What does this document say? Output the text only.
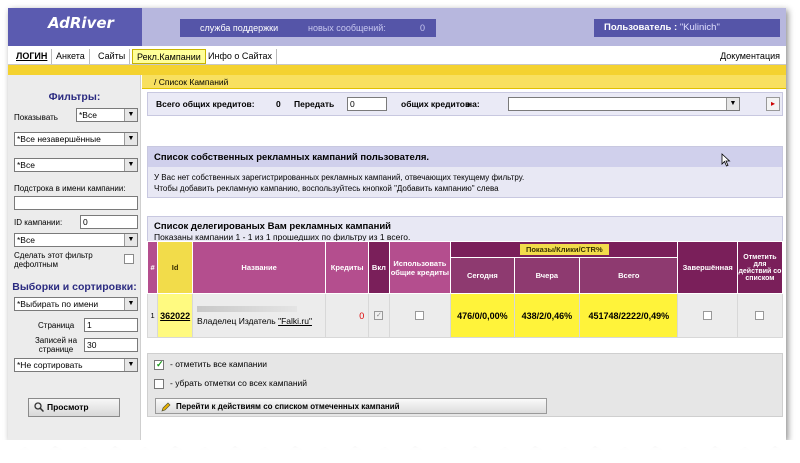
AdRiver	служба поддержки	новых сообщений:	0	Пользователь : "Kulinich"
ЛОГИН Анкета	Сайты	Рекл.Кампании Инфо о Сайтах	Документация
Фильтры:
Показывать	*Все	▼
*Все незавершённые	▼
*Все	▼
Подстрока в имени кампании:
ID кампании:	0
*Все	▼
Сделать этот фильтр дефолтным
Выборки и сортировки:
*Выбирать по имени	▼
Страница	1
Записей на странице	30
*Не сортировать	▼
Просмотр
/ Список Кампаний
Всего общих кредитов:	0 Передать	0	общих кредитов
на:	▼	▸
Список собственных рекламных кампаний пользователя.
У Вас нет собственных зарегистрированных рекламных кампаний, отвечающих текущему фильтру.
Чтобы добавить рекламную кампанию, воспользуйтесь кнопкой "Добавить кампанию" слева
Список делегированых Вам рекламных кампаний
Показаны кампании 1 - 1 из 1 прошедших по фильтру из 1 всего.
#	Id	Название	Кредиты	Вкл	Использовать общие кредиты	Показы/Клики/CTR%			Завершённая	Отметить для действий со списком
						Сегодня	Вчера	Всего		
1	362022	Владелец Издатель "Falki.ru"	0	✓		476/0/0,00%	438/2/0,46%	451748/2222/0,49%		
✓ - отметить все кампании
- убрать отметки со всех кампаний
Перейти к действиям со списком отмеченных кампаний
